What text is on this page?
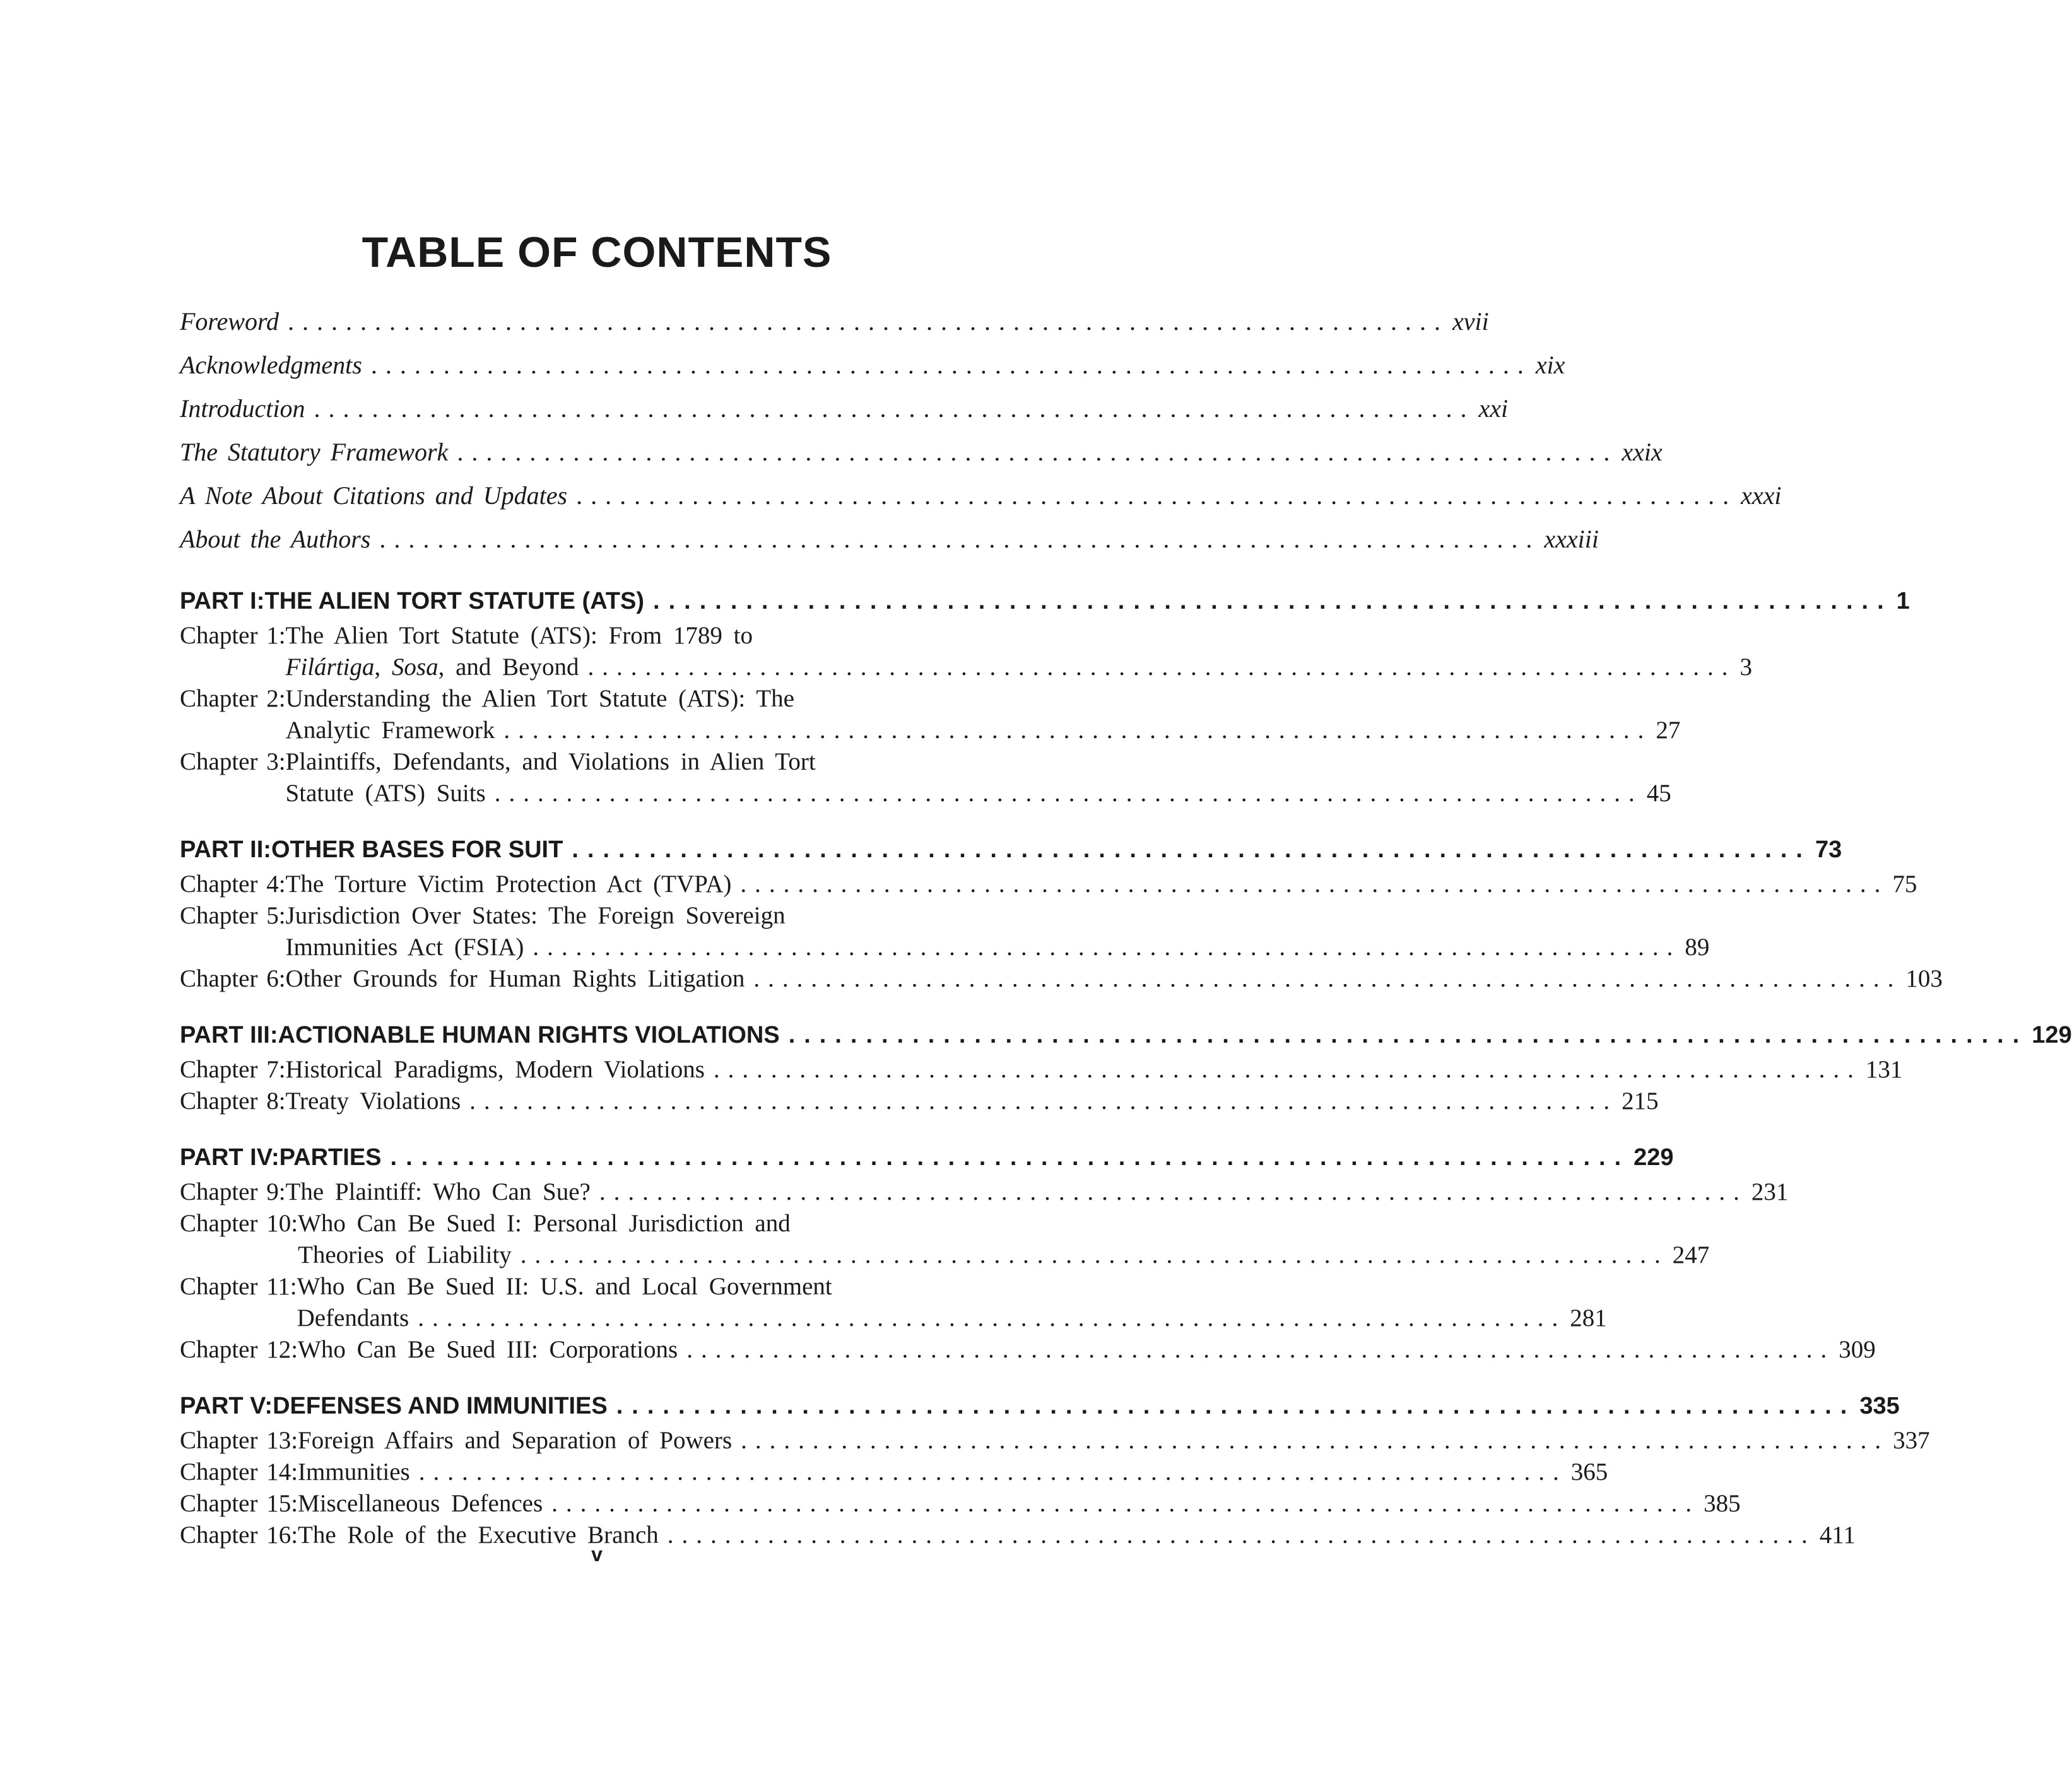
TABLE OF CONTENTS
Foreword ................................................................................ xvii
Acknowledgments ................................................................................ xix
Introduction ................................................................................ xxi
The Statutory Framework ................................................................................ xxix
A Note About Citations and Updates ................................................................................ xxxi
About the Authors ................................................................................ xxxiii
PART I: THE ALIEN TORT STATUTE (ATS) ................................................................................ 1
Chapter 1: The Alien Tort Statute (ATS): From 1789 to
Filártiga, Sosa, and Beyond ................................................................................ 3
Chapter 2: Understanding the Alien Tort Statute (ATS): The
Analytic Framework ................................................................................ 27
Chapter 3: Plaintiffs, Defendants, and Violations in Alien Tort
Statute (ATS) Suits ................................................................................ 45
PART II: OTHER BASES FOR SUIT ................................................................................ 73
Chapter 4: The Torture Victim Protection Act (TVPA) ................................................................................ 75
Chapter 5: Jurisdiction Over States: The Foreign Sovereign
Immunities Act (FSIA) ................................................................................ 89
Chapter 6: Other Grounds for Human Rights Litigation ................................................................................ 103
PART III: ACTIONABLE HUMAN RIGHTS VIOLATIONS ................................................................................ 129
Chapter 7: Historical Paradigms, Modern Violations ................................................................................ 131
Chapter 8: Treaty Violations ................................................................................ 215
PART IV: PARTIES ................................................................................ 229
Chapter 9: The Plaintiff: Who Can Sue? ................................................................................ 231
Chapter 10: Who Can Be Sued I: Personal Jurisdiction and
Theories of Liability ................................................................................ 247
Chapter 11: Who Can Be Sued II: U.S. and Local Government
Defendants ................................................................................ 281
Chapter 12: Who Can Be Sued III: Corporations ................................................................................ 309
PART V: DEFENSES AND IMMUNITIES ................................................................................ 335
Chapter 13: Foreign Affairs and Separation of Powers ................................................................................ 337
Chapter 14: Immunities ................................................................................ 365
Chapter 15: Miscellaneous Defences ................................................................................ 385
Chapter 16: The Role of the Executive Branch ................................................................................ 411
v
